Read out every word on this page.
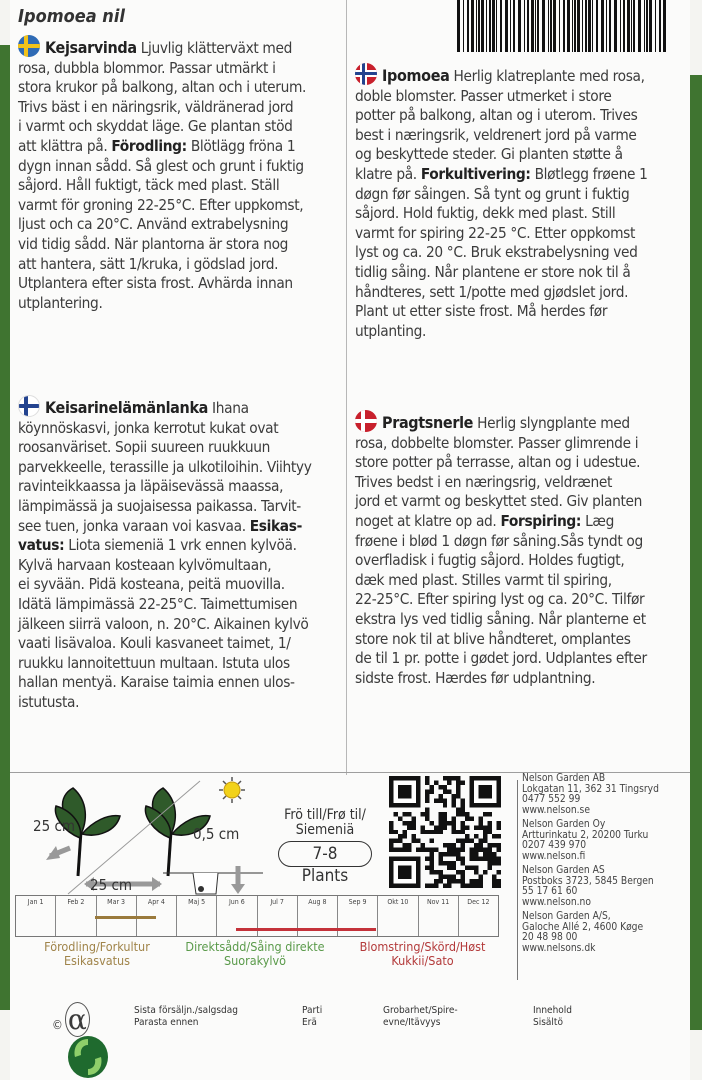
Ipomoea nil
Kejsarvinda Ljuvlig klätterväxt med
rosa, dubbla blommor. Passar utmärkt i
stora krukor på balkong, altan och i uterum.
Trivs bäst i en näringsrik, väldränerad jord
i varmt och skyddat läge. Ge plantan stöd
att klättra på. Förodling: Blötlägg fröna 1
dygn innan sådd. Så glest och grunt i fuktig
såjord. Håll fuktigt, täck med plast. Ställ
varmt för groning 22-25°C. Efter uppkomst,
ljust och ca 20°C. Använd extrabelysning
vid tidig sådd. När plantorna är stora nog
att hantera, sätt 1/kruka, i gödslad jord.
Utplantera efter sista frost. Avhärda innan
utplantering.
Ipomoea Herlig klatreplante med rosa,
doble blomster. Passer utmerket i store
potter på balkong, altan og i uterom. Trives
best i næringsrik, veldrenert jord på varme
og beskyttede steder. Gi planten støtte å
klatre på. Forkultivering: Bløtlegg frøene 1
døgn før såingen. Så tynt og grunt i fuktig
såjord. Hold fuktig, dekk med plast. Still
varmt for spiring 22-25 °C. Etter oppkomst
lyst og ca. 20 °C. Bruk ekstrabelysning ved
tidlig såing. Når plantene er store nok til å
håndteres, sett 1/potte med gjødslet jord.
Plant ut etter siste frost. Må herdes før
utplanting.
Keisarinelämänlanka Ihana
köynnöskasvi, jonka kerrotut kukat ovat
roosanväriset. Sopii suureen ruukkuun
parvekkeelle, terassille ja ulkotiloihin. Viihtyy
ravinteikkaassa ja läpäisevässä maassa,
lämpimässä ja suojaisessa paikassa. Tarvit-
see tuen, jonka varaan voi kasvaa. Esikas-
vatus: Liota siemeniä 1 vrk ennen kylvöä.
Kylvä harvaan kosteaan kylvömultaan,
ei syvään. Pidä kosteana, peitä muovilla.
Idätä lämpimässä 22-25°C. Taimettumisen
jälkeen siirrä valoon, n. 20°C. Aikainen kylvö
vaati lisävaloa. Kouli kasvaneet taimet, 1/
ruukku lannoitettuun multaan. Istuta ulos
hallan mentyä. Karaise taimia ennen ulos-
istutusta.
Pragtsnerle Herlig slyngplante med
rosa, dobbelte blomster. Passer glimrende i
store potter på terrasse, altan og i udestue.
Trives bedst i en næringsrig, veldrænet
jord et varmt og beskyttet sted. Giv planten
noget at klatre op ad. Forspiring: Læg
frøene i blød 1 døgn før såning.Sås tyndt og
overfladisk i fugtig såjord. Holdes fugtigt,
dæk med plast. Stilles varmt til spiring,
22-25°C. Efter spiring lyst og ca. 20°C. Tilfør
ekstra lys ved tidlig såning. Når planterne et
store nok til at blive håndteret, omplantes
de til 1 pr. potte i gødet jord. Udplantes efter
sidste frost. Hærdes før udplantning.
25 cm
25 cm
0,5 cm
Frö till/Frø til/
Siemeniä
7-8
Plants
Jan 1	Feb 2	Mar 3	Apr 4	Maj 5	Jun 6	Jul 7	Aug 8	Sep 9	Okt 10	Nov 11	Dec 12
Förodling/Forkultur
Esikasvatus
Direktsådd/Såing direkte
Suorakylvö
Blomstring/Skörd/Høst
Kukkii/Sato
Nelson Garden AB
Lokgatan 11, 362 31 Tingsryd
0477 552 99
www.nelson.se
Nelson Garden Oy
Artturinkatu 2, 20200 Turku
0207 439 970
www.nelson.fi
Nelson Garden AS
Postboks 3723, 5845 Bergen
55 17 61 60
www.nelson.no
Nelson Garden A/S,
Galoche Allé 2, 4600 Køge
20 48 98 00
www.nelsons.dk
© α	Sista försäljn./salgsdag
Parasta ennen
Parti
Erä
Grobarhet/Spire-
evne/Itävyys
Innehold
Sisältö
